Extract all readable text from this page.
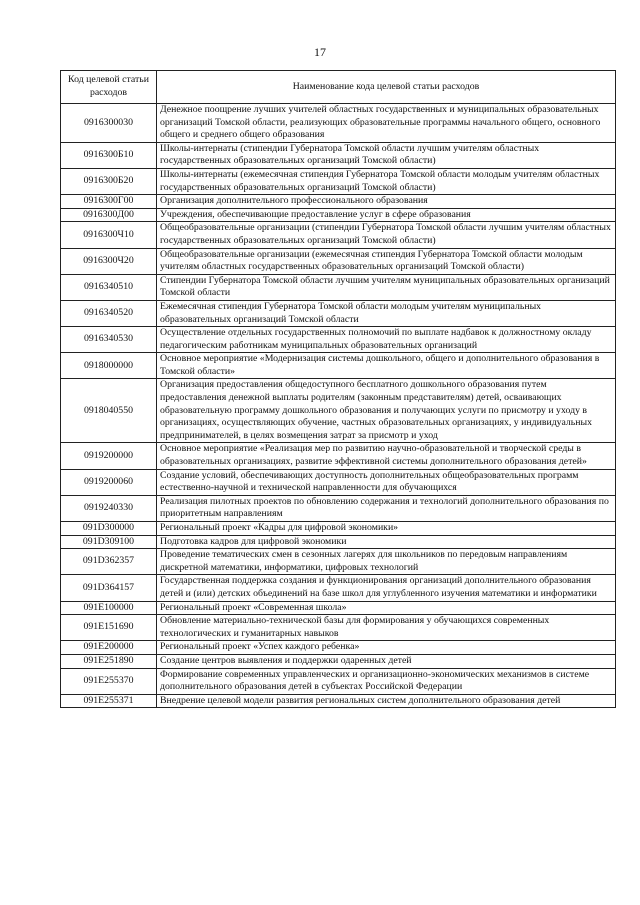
17
Код целевой статьи расходов	Наименование кода целевой статьи расходов
0916300030	Денежное поощрение лучших учителей областных государственных и муниципальных образовательных организаций Томской области, реализующих образовательные программы начального общего, основного общего и среднего общего образования
0916300Б10	Школы-интернаты (стипендии Губернатора Томской области лучшим учителям областных государственных образовательных организаций Томской области)
0916300Б20	Школы-интернаты (ежемесячная стипендия Губернатора Томской области молодым учителям областных государственных образовательных организаций Томской области)
0916300Г00	Организация дополнительного профессионального образования
0916300Д00	Учреждения, обеспечивающие предоставление услуг в сфере образования
0916300Ч10	Общеобразовательные организации (стипендии Губернатора Томской области лучшим учителям областных государственных образовательных организаций Томской области)
0916300Ч20	Общеобразовательные организации (ежемесячная стипендия Губернатора Томской области молодым учителям областных государственных образовательных организаций Томской области)
0916340510	Стипендии Губернатора Томской области лучшим учителям муниципальных образовательных организаций Томской области
0916340520	Ежемесячная стипендия Губернатора Томской области молодым учителям муниципальных образовательных организаций Томской области
0916340530	Осуществление отдельных государственных полномочий по выплате надбавок к должностному окладу педагогическим работникам муниципальных образовательных организаций
0918000000	Основное мероприятие «Модернизация системы дошкольного, общего и дополнительного образования в Томской области»
0918040550	Организация предоставления общедоступного бесплатного дошкольного образования путем предоставления денежной выплаты родителям (законным представителям) детей, осваивающих образовательную программу дошкольного образования и получающих услуги по присмотру и уходу в организациях, осуществляющих обучение, частных образовательных организациях, у индивидуальных предпринимателей, в целях возмещения затрат за присмотр и уход
0919200000	Основное мероприятие «Реализация мер по развитию научно-образовательной и творческой среды в образовательных организациях, развитие эффективной системы дополнительного образования детей»
0919200060	Создание условий, обеспечивающих доступность дополнительных общеобразовательных программ естественно-научной и технической направленности для обучающихся
0919240330	Реализация пилотных проектов по обновлению содержания и технологий дополнительного образования по приоритетным направлениям
091D300000	Региональный проект «Кадры для цифровой экономики»
091D309100	Подготовка кадров для цифровой экономики
091D362357	Проведение тематических смен в сезонных лагерях для школьников по передовым направлениям дискретной математики, информатики, цифровых технологий
091D364157	Государственная поддержка создания и функционирования организаций дополнительного образования детей и (или) детских объединений на базе школ для углубленного изучения математики и информатики
091E100000	Региональный проект «Современная школа»
091E151690	Обновление материально-технической базы для формирования у обучающихся современных технологических и гуманитарных навыков
091E200000	Региональный проект «Успех каждого ребенка»
091E251890	Создание центров выявления и поддержки одаренных детей
091E255370	Формирование современных управленческих и организационно-экономических механизмов в системе дополнительного образования детей в субъектах Российской Федерации
091E255371	Внедрение целевой модели развития региональных систем дополнительного образования детей
